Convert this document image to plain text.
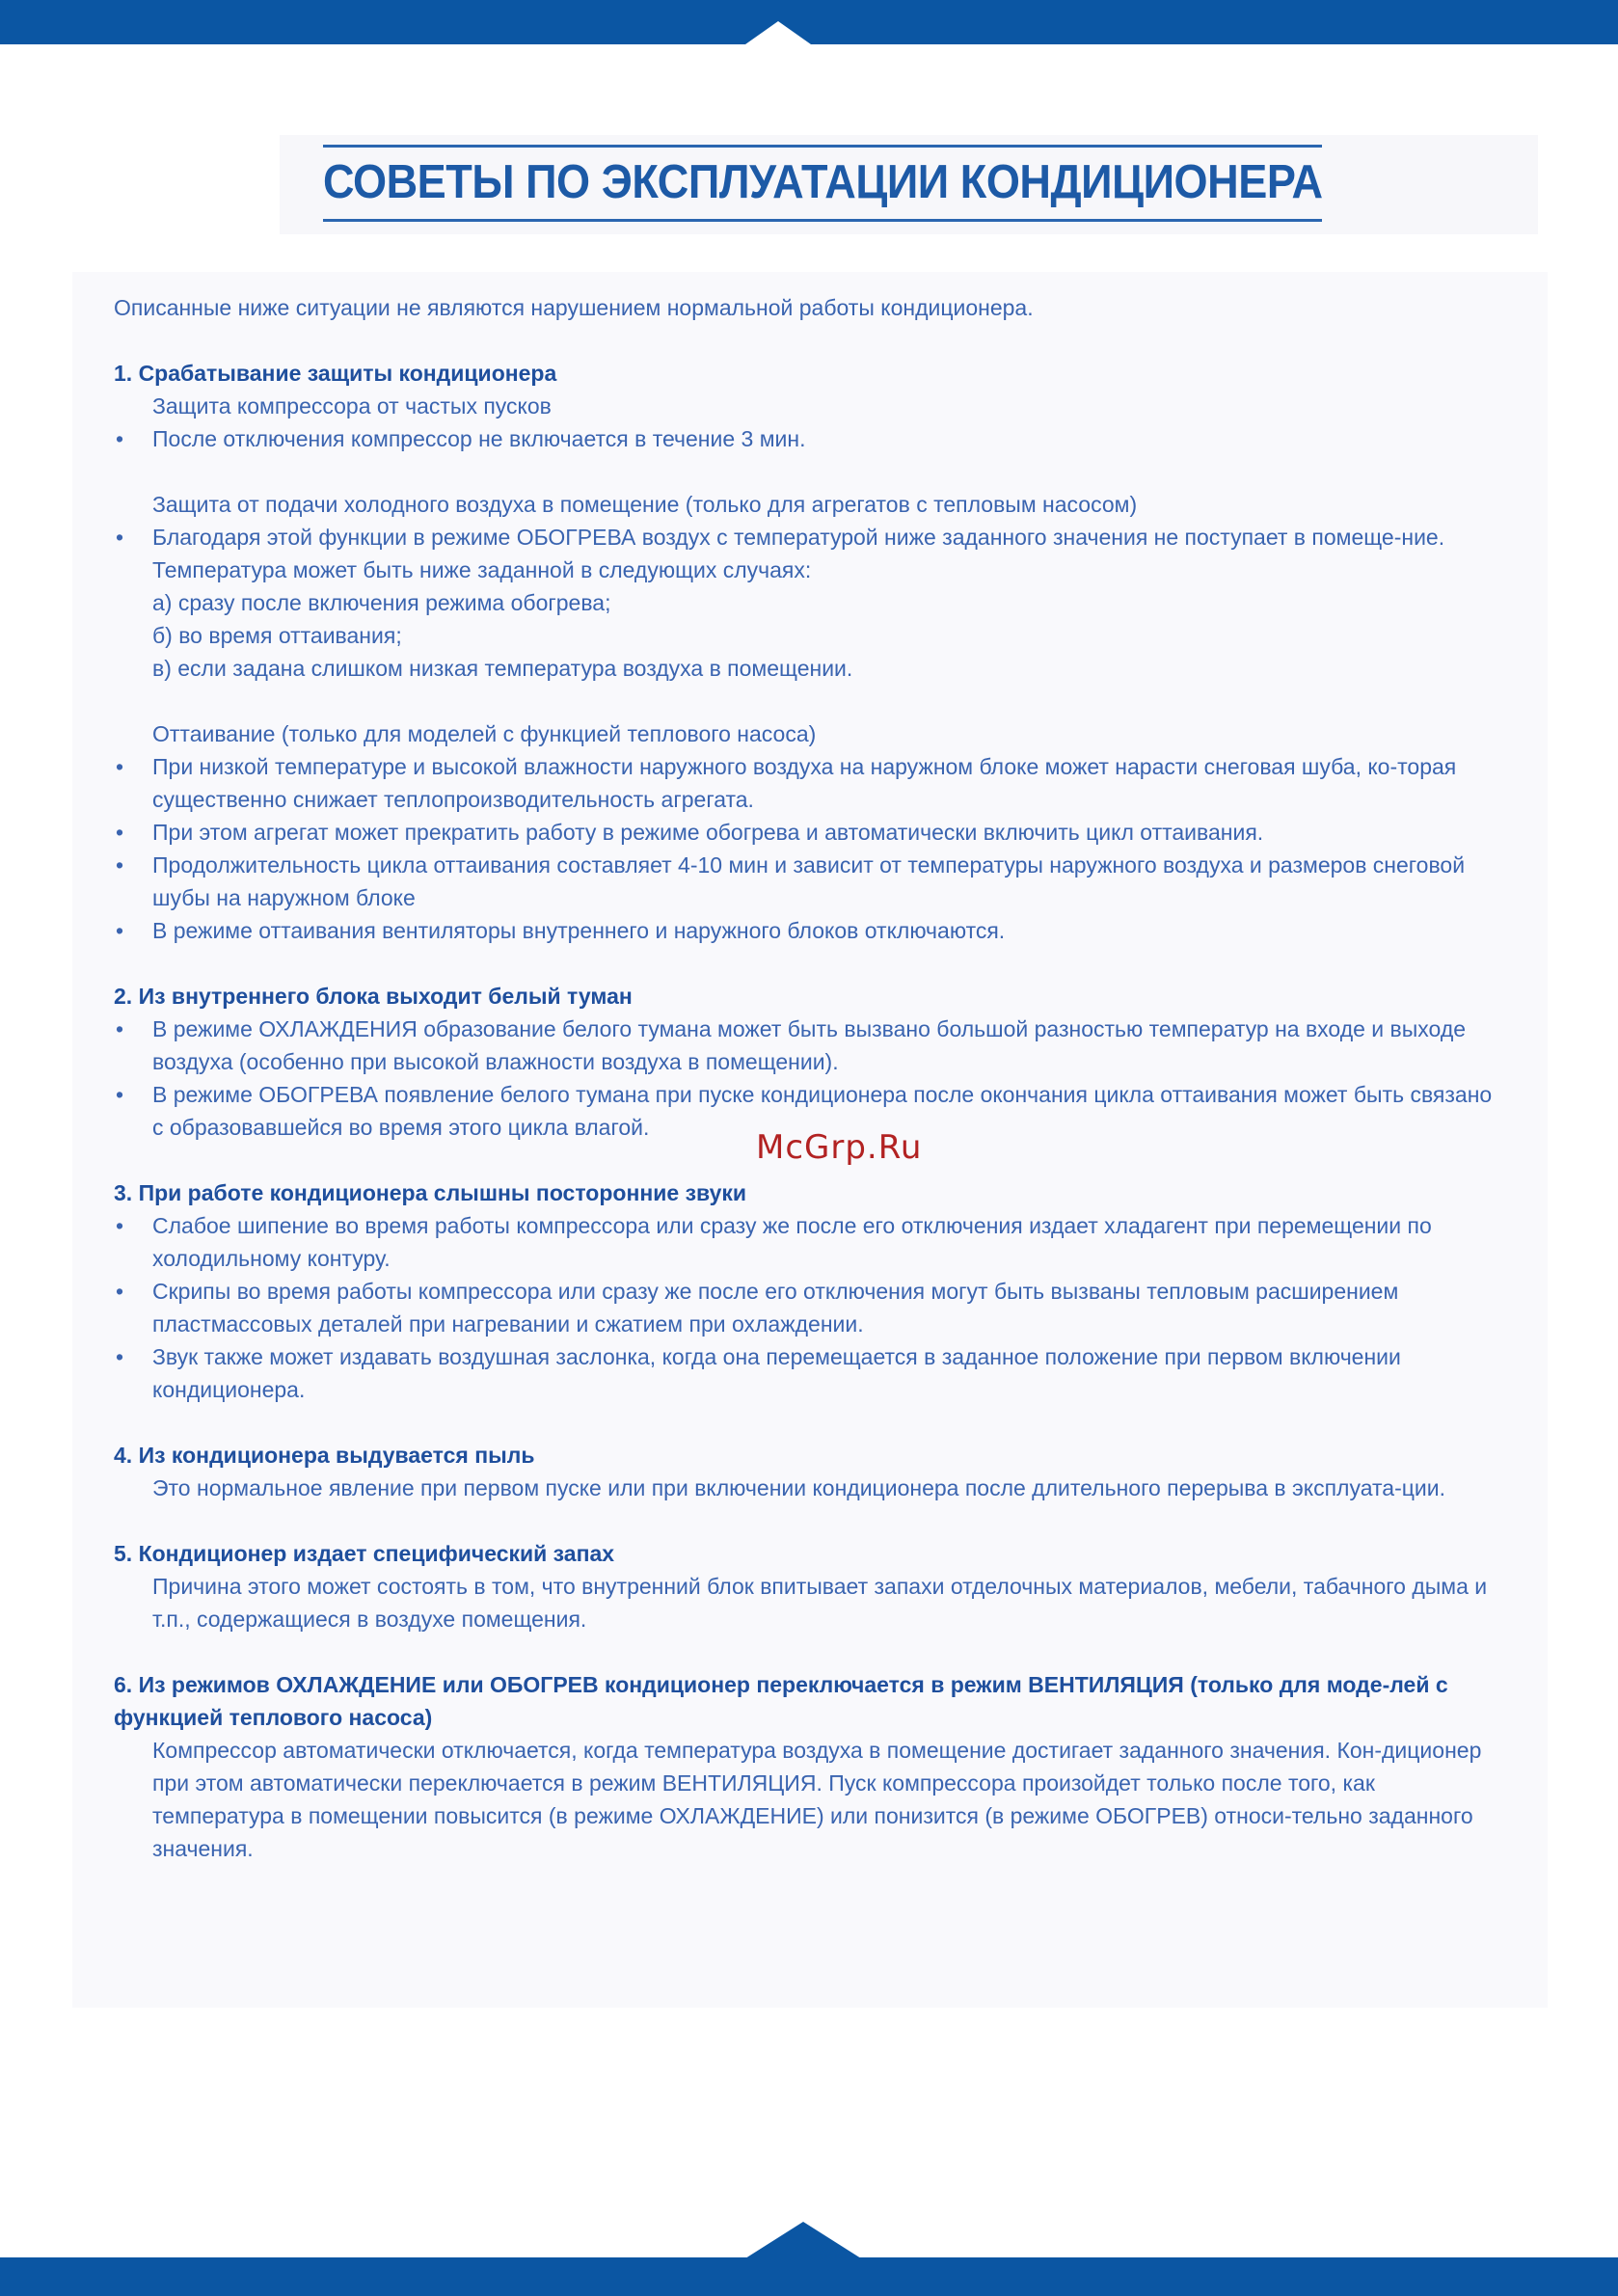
СОВЕТЫ ПО ЭКСПЛУАТАЦИИ КОНДИЦИОНЕРА

Описанные ниже ситуации не являются нарушением нормальной работы кондиционера.

1. Срабатывание защиты кондиционера

Защита компрессора от частых пусков

• После отключения компрессор не включается в течение 3 мин.

Защита от подачи холодного воздуха в помещение (только для агрегатов с тепловым насосом)

• Благодаря этой функции в режиме ОБОГРЕВА воздух с температурой ниже заданного значения не поступает в помеще-ние. Температура может быть ниже заданной в следующих случаях:

а) сразу после включения режима обогрева;

б) во время оттаивания;

в) если задана слишком низкая температура воздуха в помещении.

Оттаивание (только для моделей с функцией теплового насоса)

• При низкой температуре и высокой влажности наружного воздуха на наружном блоке может нарасти снеговая шуба, ко-торая существенно снижает теплопроизводительность агрегата.
• При этом агрегат может прекратить работу в режиме обогрева и автоматически включить цикл оттаивания.
• Продолжительность цикла оттаивания составляет 4-10 мин и зависит от температуры наружного воздуха и размеров снеговой шубы на наружном блоке
• В режиме оттаивания вентиляторы внутреннего и наружного блоков отключаются.

2. Из внутреннего блока выходит белый туман

• В режиме ОХЛАЖДЕНИЯ образование белого тумана может быть вызвано большой разностью температур на входе и выходе воздуха (особенно при высокой влажности воздуха в помещении).
• В режиме ОБОГРЕВА появление белого тумана при пуске кондиционера после окончания цикла оттаивания может быть связано с образовавшейся во время этого цикла влагой.

3. При работе кондиционера слышны посторонние звуки

• Слабое шипение во время работы компрессора или сразу же после его отключения издает хладагент при перемещении по холодильному контуру.
• Скрипы во время работы компрессора или сразу же после его отключения могут быть вызваны тепловым расширением пластмассовых деталей при нагревании и сжатием при охлаждении.
• Звук также может издавать воздушная заслонка, когда она перемещается в заданное положение при первом включении кондиционера.

4. Из кондиционера выдувается пыль

Это нормальное явление при первом пуске или при включении кондиционера после длительного перерыва в эксплуата-ции.

5. Кондиционер издает специфический запах

Причина этого может состоять в том, что внутренний блок впитывает запахи отделочных материалов, мебели, табачного дыма и т.п., содержащиеся в воздухе помещения.

6. Из режимов ОХЛАЖДЕНИЕ или ОБОГРЕВ кондиционер переключается в режим ВЕНТИЛЯЦИЯ (только для моде-лей с функцией теплового насоса)

Компрессор автоматически отключается, когда температура воздуха в помещение достигает заданного значения. Кон-диционер при этом автоматически переключается в режим ВЕНТИЛЯЦИЯ. Пуск компрессора произойдет только после того, как температура в помещении повысится (в режиме ОХЛАЖДЕНИЕ) или понизится (в режиме ОБОГРЕВ) относи-тельно заданного значения.

McGrp.Ru
